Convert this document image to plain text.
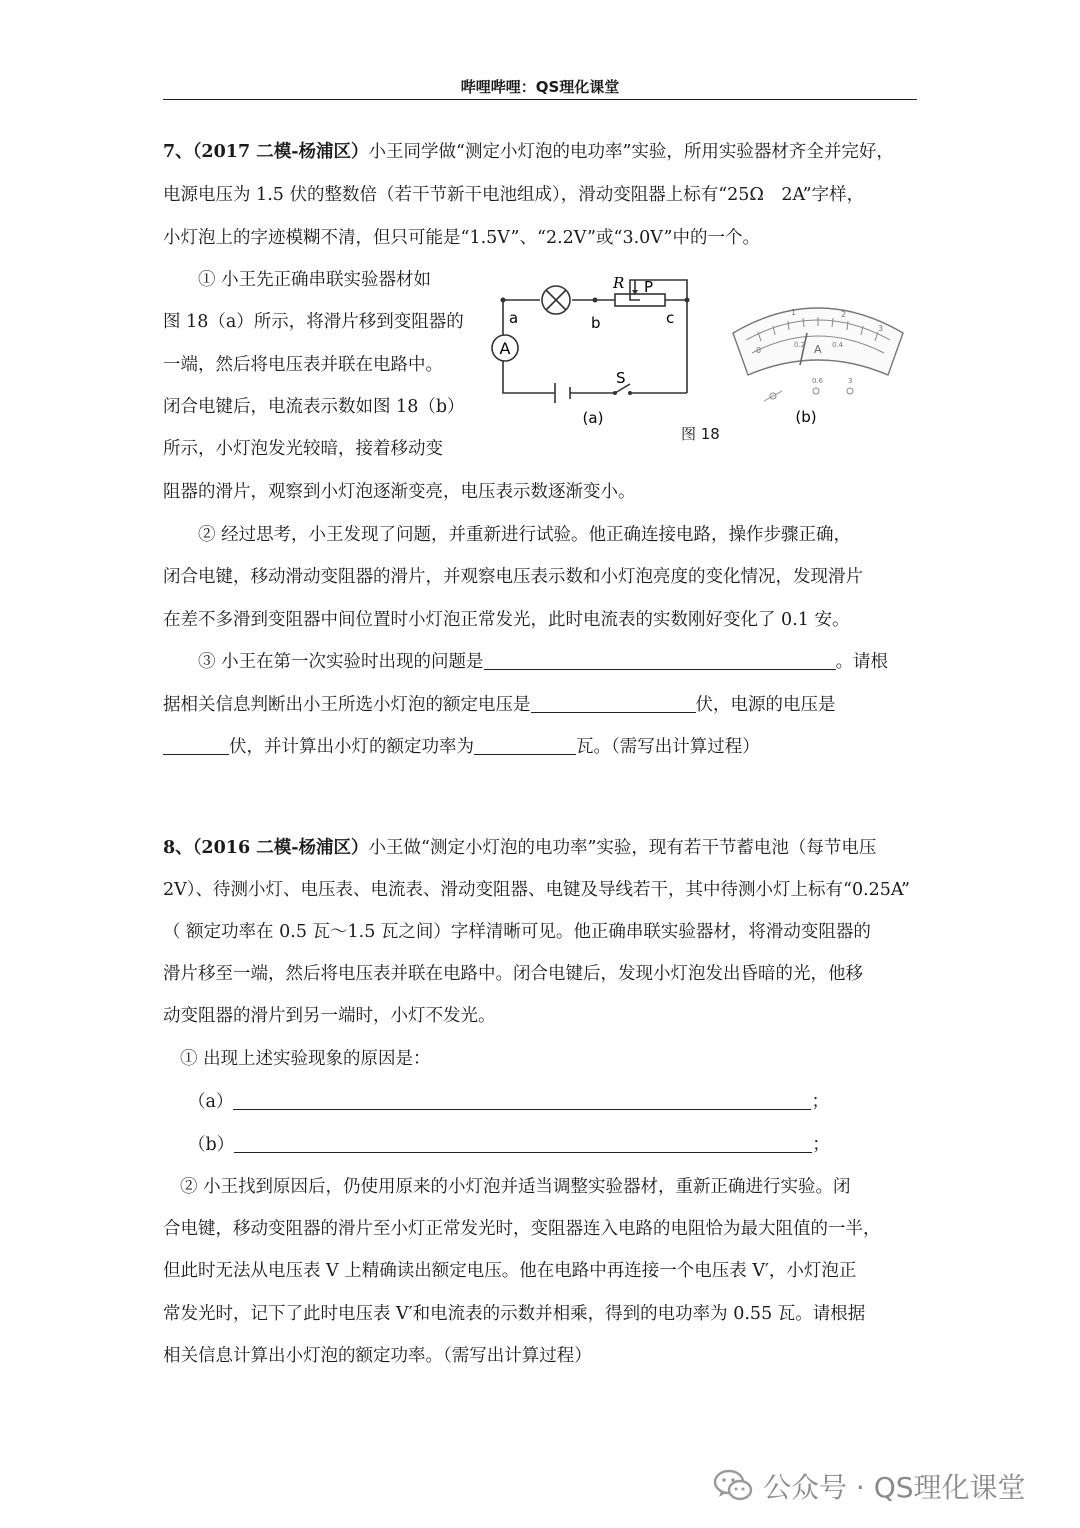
哔哩哔哩：QS理化课堂
7、（2017 二模-杨浦区）小王同学做“测定小灯泡的电功率”实验，所用实验器材齐全并完好，
电源电压为 1.5 伏的整数倍（若干节新干电池组成），滑动变阻器上标有“25Ω　2A”字样，
小灯泡上的字迹模糊不清，但只可能是“1.5V”、“2.2V”或“3.0V”中的一个。
① 小王先正确串联实验器材如
图 18（a）所示，将滑片移到变阻器的
一端，然后将电压表并联在电路中。
闭合电键后，电流表示数如图 18（b）
所示，小灯泡发光较暗，接着移动变
阻器的滑片，观察到小灯泡逐渐变亮，电压表示数逐渐变小。
A
a	b	c
R P
S
(a)
0
1	2
3
0.2	0.4
A
0.6	3
(b)
图 18
② 经过思考，小王发现了问题，并重新进行试验。他正确连接电路，操作步骤正确，
闭合电键，移动滑动变阻器的滑片，并观察电压表示数和小灯泡亮度的变化情况，发现滑片
在差不多滑到变阻器中间位置时小灯泡正常发光，此时电流表的实数刚好变化了 0.1 安。
③ 小王在第一次实验时出现的问题是	。请根
据相关信息判断出小王所选小灯泡的额定电压是	伏，电源的电压是
伏，并计算出小灯的额定功率为	瓦。（需写出计算过程）
8、（2016 二模-杨浦区）小王做“测定小灯泡的电功率”实验，现有若干节蓄电池（每节电压
2V）、待测小灯、电压表、电流表、滑动变阻器、电键及导线若干，其中待测小灯上标有“0.25A”
（ 额定功率在 0.5 瓦～1.5 瓦之间）字样清晰可见。他正确串联实验器材，将滑动变阻器的
滑片移至一端，然后将电压表并联在电路中。闭合电键后，发现小灯泡发出昏暗的光，他移
动变阻器的滑片到另一端时，小灯不发光。
① 出现上述实验现象的原因是：
（a）	；
（b）	；
② 小王找到原因后，仍使用原来的小灯泡并适当调整实验器材，重新正确进行实验。闭
合电键，移动变阻器的滑片至小灯正常发光时，变阻器连入电路的电阻恰为最大阻值的一半，
但此时无法从电压表 V 上精确读出额定电压。他在电路中再连接一个电压表 V′，小灯泡正
常发光时，记下了此时电压表 V′和电流表的示数并相乘，得到的电功率为 0.55 瓦。请根据
相关信息计算出小灯泡的额定功率。（需写出计算过程）
公众号 · QS理化课堂
